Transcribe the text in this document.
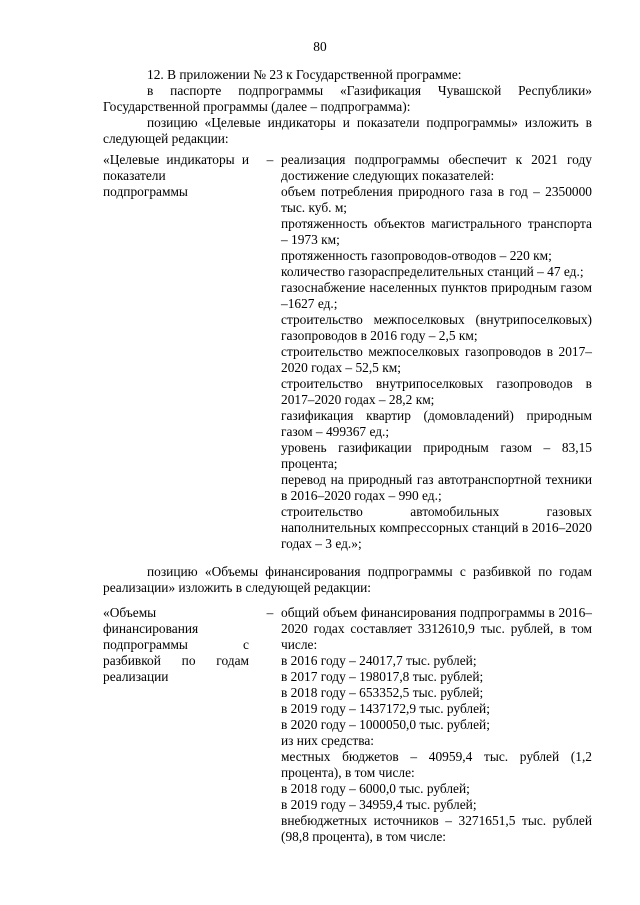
80
12. В приложении № 23 к Государственной программе:
в паспорте подпрограммы «Газификация Чувашской Республики» Государственной программы (далее – подпрограмма):
позицию «Целевые индикаторы и показатели подпрограммы» изложить в следующей редакции:
«Целевые индикаторы и показатели подпрограммы
– реализация подпрограммы обеспечит к 2021 году достижение следующих показателей:
объем потребления природного газа в год – 2350000 тыс. куб. м;
протяженность объектов магистрального транспорта – 1973 км;
протяженность газопроводов-отводов – 220 км;
количество газораспределительных станций – 47 ед.;
газоснабжение населенных пунктов природным газом –1627 ед.;
строительство межпоселковых (внутрипоселковых) газопроводов в 2016 году – 2,5 км;
строительство межпоселковых газопроводов в 2017–2020 годах – 52,5 км;
строительство внутрипоселковых газопроводов в 2017–2020 годах – 28,2 км;
газификация квартир (домовладений) природным газом – 499367 ед.;
уровень газификации природным газом – 83,15 процента;
перевод на природный газ автотранспортной техники в 2016–2020 годах – 990 ед.;
строительство автомобильных газовых наполнительных компрессорных станций в 2016–2020 годах – 3 ед.»;
позицию «Объемы финансирования подпрограммы с разбивкой по годам реализации» изложить в следующей редакции:
«Объемы финансирования подпрограммы с разбивкой по годам реализации
– общий объем финансирования подпрограммы в 2016–2020 годах составляет 3312610,9 тыс. рублей, в том числе:
в 2016 году – 24017,7 тыс. рублей;
в 2017 году – 198017,8 тыс. рублей;
в 2018 году – 653352,5 тыс. рублей;
в 2019 году – 1437172,9 тыс. рублей;
в 2020 году – 1000050,0 тыс. рублей;
из них средства:
местных бюджетов – 40959,4 тыс. рублей (1,2 процента), в том числе:
в 2018 году – 6000,0 тыс. рублей;
в 2019 году – 34959,4 тыс. рублей;
внебюджетных источников – 3271651,5 тыс. рублей (98,8 процента), в том числе:
